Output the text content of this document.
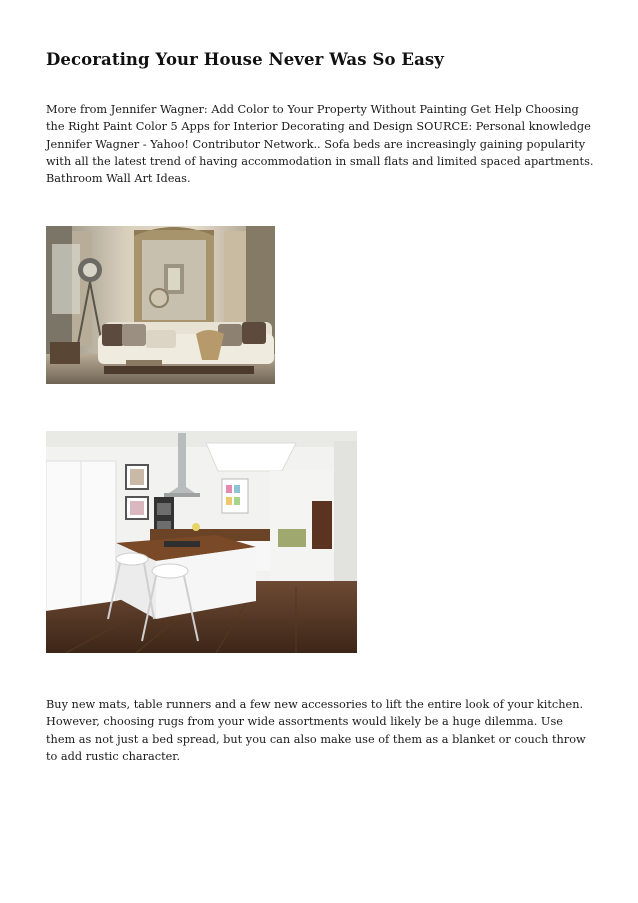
Decorating Your House Never Was So Easy

More from Jennifer Wagner: Add Color to Your Property Without Painting Get Help Choosing the Right Paint Color 5 Apps for Interior Decorating and Design SOURCE: Personal knowledge Jennifer Wagner - Yahoo! Contributor Network.. Sofa beds are increasingly gaining popularity with all the latest trend of having accommodation in small flats and limited spaced apartments. Bathroom Wall Art Ideas.

Buy new mats, table runners and a few new accessories to lift the entire look of your kitchen. However, choosing rugs from your wide assortments would likely be a huge dilemma. Use them as not just a bed spread, but you can also make use of them as a blanket or couch throw to add rustic character.
